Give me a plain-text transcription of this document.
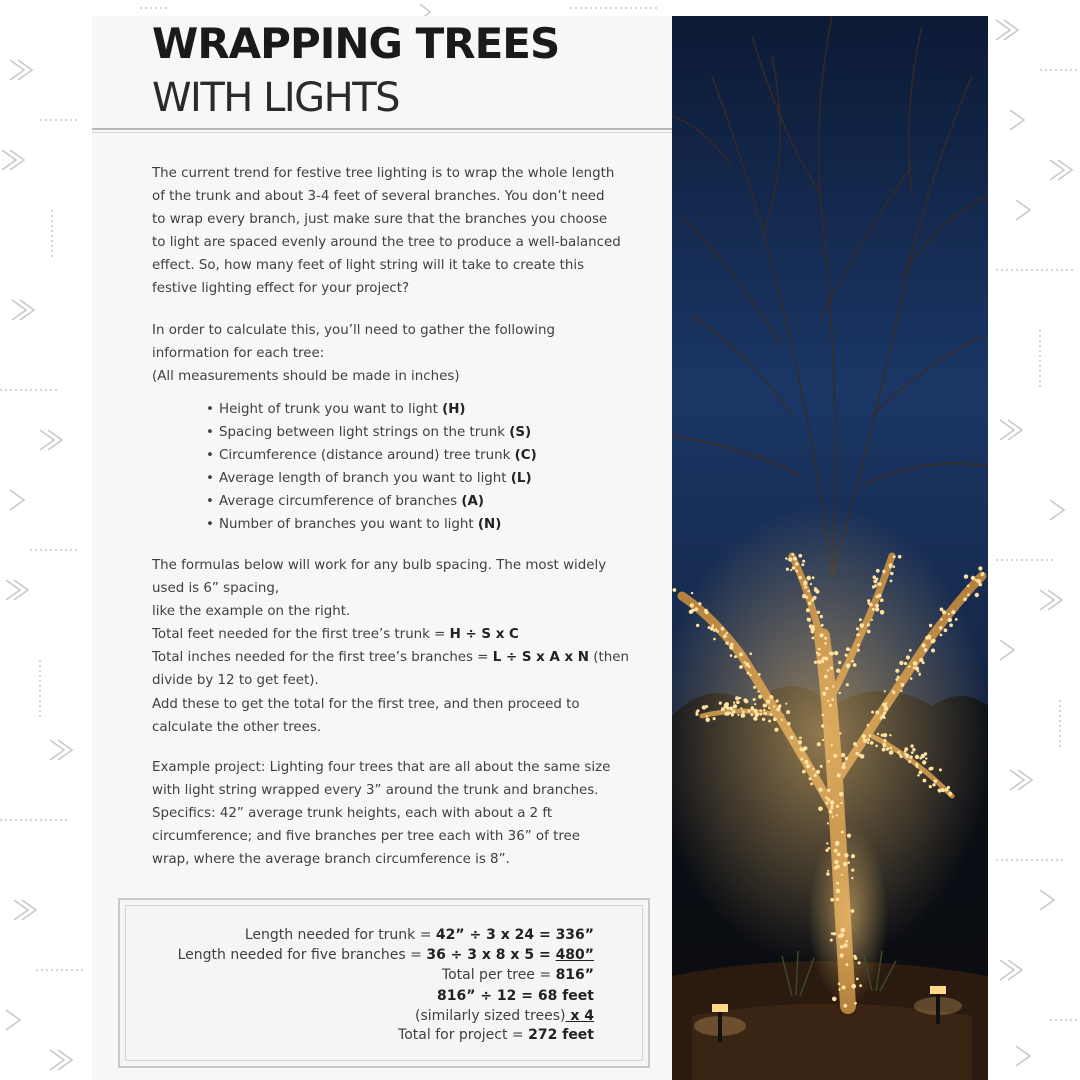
WRAPPING TREES
WITH LIGHTS

The current trend for festive tree lighting is to wrap the whole length
of the trunk and about 3-4 feet of several branches. You don’t need
to wrap every branch, just make sure that the branches you choose
to light are spaced evenly around the tree to produce a well-balanced
effect. So, how many feet of light string will it take to create this
festive lighting effect for your project?

In order to calculate this, you’ll need to gather the following
information for each tree:
(All measurements should be made in inches)

• Height of trunk you want to light (H)
• Spacing between light strings on the trunk (S)
• Circumference (distance around) tree trunk (C)
• Average length of branch you want to light (L)
• Average circumference of branches (A)
• Number of branches you want to light (N)

The formulas below will work for any bulb spacing. The most widely
used is 6” spacing,
like the example on the right.
Total feet needed for the first tree’s trunk = H ÷ S x C
Total inches needed for the first tree’s branches = L ÷ S x A x N (then
divide by 12 to get feet).
Add these to get the total for the first tree, and then proceed to
calculate the other trees.

Example project: Lighting four trees that are all about the same size
with light string wrapped every 3” around the trunk and branches.
Specifics: 42” average trunk heights, each with about a 2 ft
circumference; and five branches per tree each with 36” of tree
wrap, where the average branch circumference is 8”.

Length needed for trunk = 42” ÷ 3 x 24 = 336”
Length needed for five branches = 36 ÷ 3 x 8 x 5 = 480”
Total per tree = 816”
816” ÷ 12 = 68 feet
(similarly sized trees) x 4
Total for project = 272 feet
